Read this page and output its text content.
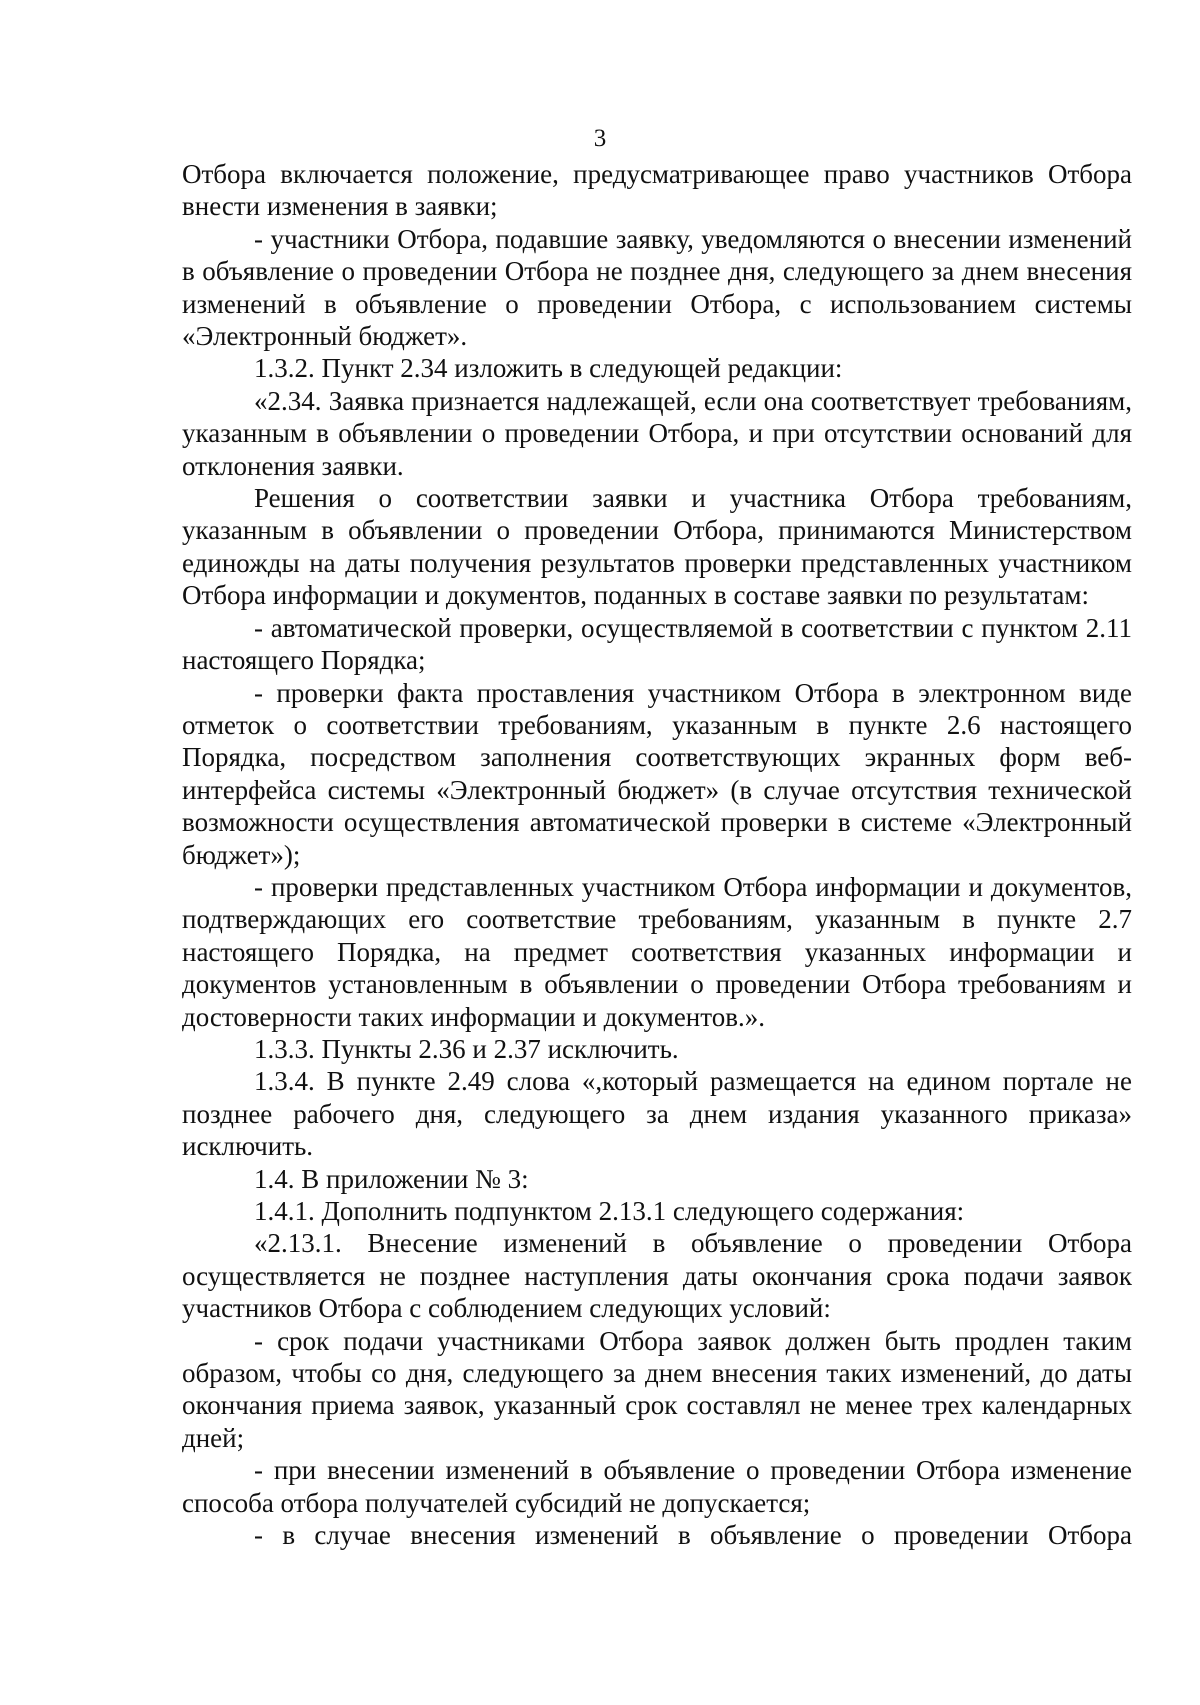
3

Отбора включается положение, предусматривающее право участников Отбора внести изменения в заявки;

- участники Отбора, подавшие заявку, уведомляются о внесении изменений в объявление о проведении Отбора не позднее дня, следующего за днем внесения изменений в объявление о проведении Отбора, с использованием системы «Электронный бюджет».

1.3.2. Пункт 2.34 изложить в следующей редакции:

«2.34. Заявка признается надлежащей, если она соответствует требованиям, указанным в объявлении о проведении Отбора, и при отсутствии оснований для отклонения заявки.

Решения о соответствии заявки и участника Отбора требованиям, указанным в объявлении о проведении Отбора, принимаются Министерством единожды на даты получения результатов проверки представленных участником Отбора информации и документов, поданных в составе заявки по результатам:

- автоматической проверки, осуществляемой в соответствии с пунктом 2.11 настоящего Порядка;

- проверки факта проставления участником Отбора в электронном виде отметок о соответствии требованиям, указанным в пункте 2.6 настоящего Порядка, посредством заполнения соответствующих экранных форм веб-интерфейса системы «Электронный бюджет» (в случае отсутствия технической возможности осуществления автоматической проверки в системе «Электронный бюджет»);

- проверки представленных участником Отбора информации и документов, подтверждающих его соответствие требованиям, указанным в пункте 2.7 настоящего Порядка, на предмет соответствия указанных информации и документов установленным в объявлении о проведении Отбора требованиям и достоверности таких информации и документов.».

1.3.3. Пункты 2.36 и 2.37 исключить.

1.3.4. В пункте 2.49 слова «,который размещается на едином портале не позднее рабочего дня, следующего за днем издания указанного приказа» исключить.

1.4. В приложении № 3:

1.4.1. Дополнить подпунктом 2.13.1 следующего содержания:

«2.13.1. Внесение изменений в объявление о проведении Отбора осуществляется не позднее наступления даты окончания срока подачи заявок участников Отбора с соблюдением следующих условий:

- срок подачи участниками Отбора заявок должен быть продлен таким образом, чтобы со дня, следующего за днем внесения таких изменений, до даты окончания приема заявок, указанный срок составлял не менее трех календарных дней;

- при внесении изменений в объявление о проведении Отбора изменение способа отбора получателей субсидий не допускается;

- в случае внесения изменений в объявление о проведении Отбора
